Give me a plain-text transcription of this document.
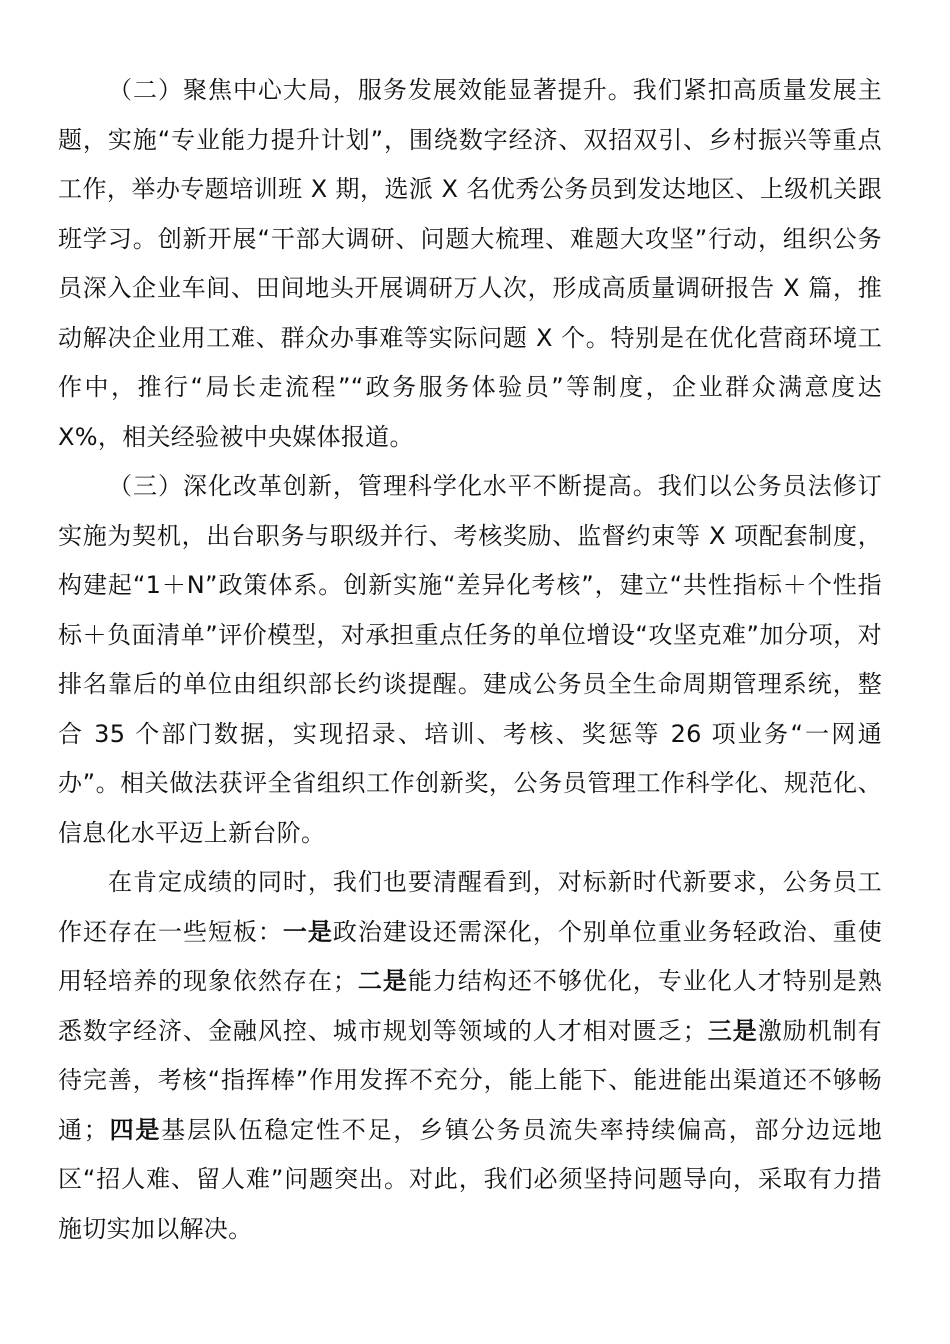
（二）聚焦中心大局，服务发展效能显著提升。我们紧扣高质量发展主题，实施“专业能力提升计划”，围绕数字经济、双招双引、乡村振兴等重点工作，举办专题培训班 X 期，选派 X 名优秀公务员到发达地区、上级机关跟班学习。创新开展“干部大调研、问题大梳理、难题大攻坚”行动，组织公务员深入企业车间、田间地头开展调研万人次，形成高质量调研报告 X 篇，推动解决企业用工难、群众办事难等实际问题 X 个。特别是在优化营商环境工作中，推行“局长走流程”“政务服务体验员”等制度，企业群众满意度达 X%，相关经验被中央媒体报道。

（三）深化改革创新，管理科学化水平不断提高。我们以公务员法修订实施为契机，出台职务与职级并行、考核奖励、监督约束等 X 项配套制度，构建起“1＋N”政策体系。创新实施“差异化考核”，建立“共性指标＋个性指标＋负面清单”评价模型，对承担重点任务的单位增设“攻坚克难”加分项，对排名靠后的单位由组织部长约谈提醒。建成公务员全生命周期管理系统，整合 35 个部门数据，实现招录、培训、考核、奖惩等 26 项业务“一网通办”。相关做法获评全省组织工作创新奖，公务员管理工作科学化、规范化、信息化水平迈上新台阶。

在肯定成绩的同时，我们也要清醒看到，对标新时代新要求，公务员工作还存在一些短板：一是政治建设还需深化，个别单位重业务轻政治、重使用轻培养的现象依然存在；二是能力结构还不够优化，专业化人才特别是熟悉数字经济、金融风控、城市规划等领域的人才相对匮乏；三是激励机制有待完善，考核“指挥棒”作用发挥不充分，能上能下、能进能出渠道还不够畅通；四是基层队伍稳定性不足，乡镇公务员流失率持续偏高，部分边远地区“招人难、留人难”问题突出。对此，我们必须坚持问题导向，采取有力措施切实加以解决。
